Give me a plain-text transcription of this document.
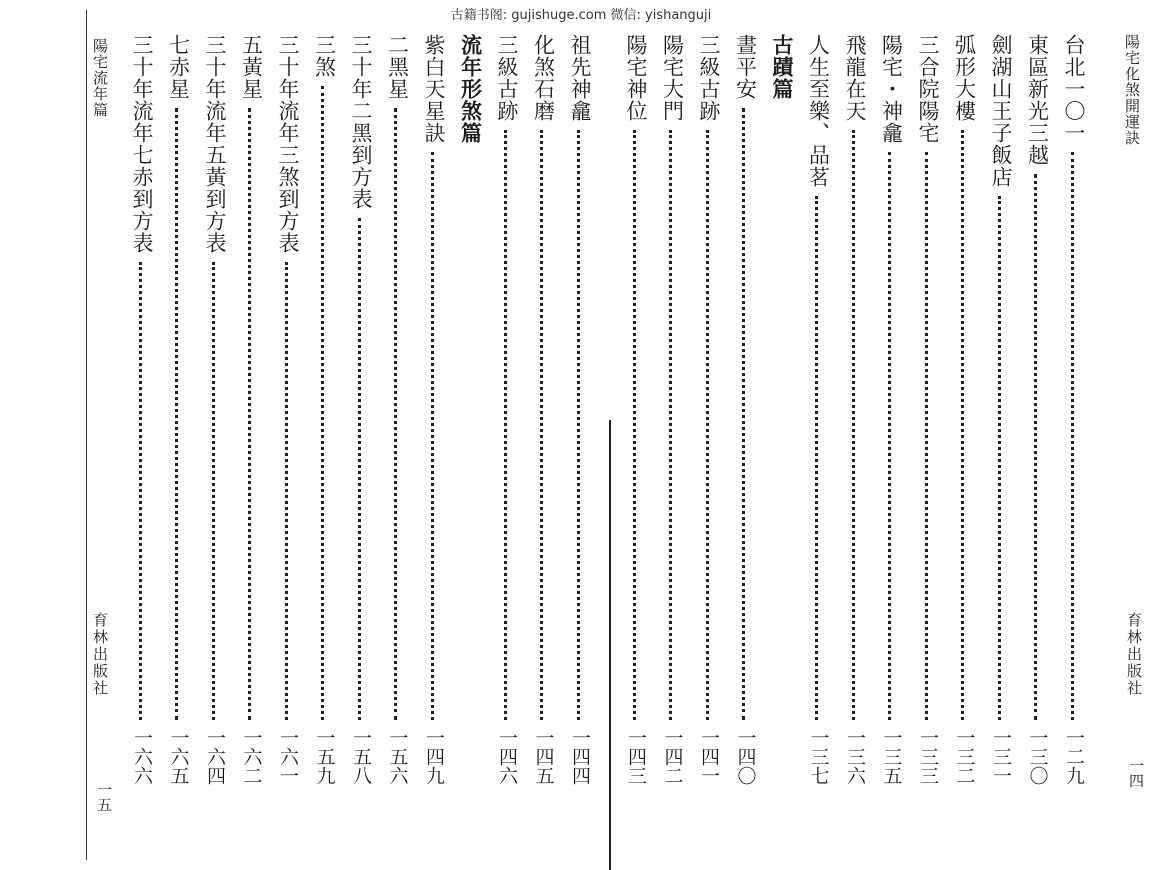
古籍书阁: gujishuge.com 微信: yishanguji
陽宅流年篇
育林出版社
一五
祖先神龕
一四四
化煞石磨
一四五
三級古跡
一四六
流年形煞篇
紫白天星訣
一四九
二黑星
一五六
三十年二黑到方表
一五八
三煞
一五九
三十年流年三煞到方表
一六一
五黃星
一六二
三十年流年五黃到方表
一六四
七赤星
一六五
三十年流年七赤到方表
一六六
陽宅化煞開運訣
育林出版社
一四
台北一〇一
一二九
東區新光三越
一三〇
劍湖山王子飯店
一三一
弧形大樓
一三二
三合院陽宅
一三三
陽宅・神龕
一三五
飛龍在天
一三六
人生至樂、品茗
一三七
古蹟篇
晝平安
一四〇
三級古跡
一四一
陽宅大門
一四二
陽宅神位
一四三
